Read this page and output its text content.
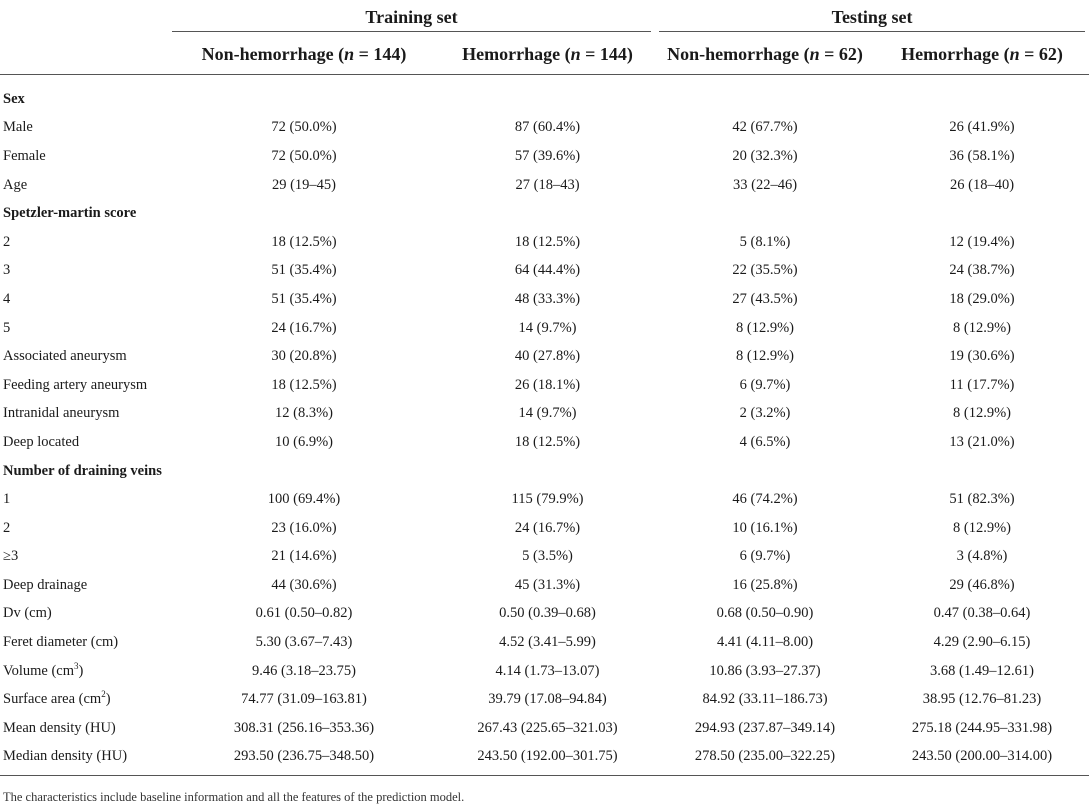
	Training set		Testing set	

	Non-hemorrhage (n = 144)	Hemorrhage (n = 144)	Non-hemorrhage (n = 62)	Hemorrhage (n = 62)
Sex				
Male	72 (50.0%)	87 (60.4%)	42 (67.7%)	26 (41.9%)
Female	72 (50.0%)	57 (39.6%)	20 (32.3%)	36 (58.1%)
Age	29 (19–45)	27 (18–43)	33 (22–46)	26 (18–40)
Spetzler-martin score				
2	18 (12.5%)	18 (12.5%)	5 (8.1%)	12 (19.4%)
3	51 (35.4%)	64 (44.4%)	22 (35.5%)	24 (38.7%)
4	51 (35.4%)	48 (33.3%)	27 (43.5%)	18 (29.0%)
5	24 (16.7%)	14 (9.7%)	8 (12.9%)	8 (12.9%)
Associated aneurysm	30 (20.8%)	40 (27.8%)	8 (12.9%)	19 (30.6%)
Feeding artery aneurysm	18 (12.5%)	26 (18.1%)	6 (9.7%)	11 (17.7%)
Intranidal aneurysm	12 (8.3%)	14 (9.7%)	2 (3.2%)	8 (12.9%)
Deep located	10 (6.9%)	18 (12.5%)	4 (6.5%)	13 (21.0%)
Number of draining veins				
1	100 (69.4%)	115 (79.9%)	46 (74.2%)	51 (82.3%)
2	23 (16.0%)	24 (16.7%)	10 (16.1%)	8 (12.9%)
≥3	21 (14.6%)	5 (3.5%)	6 (9.7%)	3 (4.8%)
Deep drainage	44 (30.6%)	45 (31.3%)	16 (25.8%)	29 (46.8%)
Dv (cm)	0.61 (0.50–0.82)	0.50 (0.39–0.68)	0.68 (0.50–0.90)	0.47 (0.38–0.64)
Feret diameter (cm)	5.30 (3.67–7.43)	4.52 (3.41–5.99)	4.41 (4.11–8.00)	4.29 (2.90–6.15)
Volume $(cm^3)$	9.46 (3.18–23.75)	4.14 (1.73–13.07)	10.86 (3.93–27.37)	3.68 (1.49–12.61)
Surface area $(cm^2)$	74.77 (31.09–163.81)	39.79 (17.08–94.84)	84.92 (33.11–186.73)	38.95 (12.76–81.23)
Mean density (HU)	308.31 (256.16–353.36)	267.43 (225.65–321.03)	294.93 (237.87–349.14)	275.18 (244.95–331.98)
Median density (HU)	293.50 (236.75–348.50)	243.50 (192.00–301.75)	278.50 (235.00–322.25)	243.50 (200.00–314.00)
The characteristics include baseline information and all the features of the prediction model.
